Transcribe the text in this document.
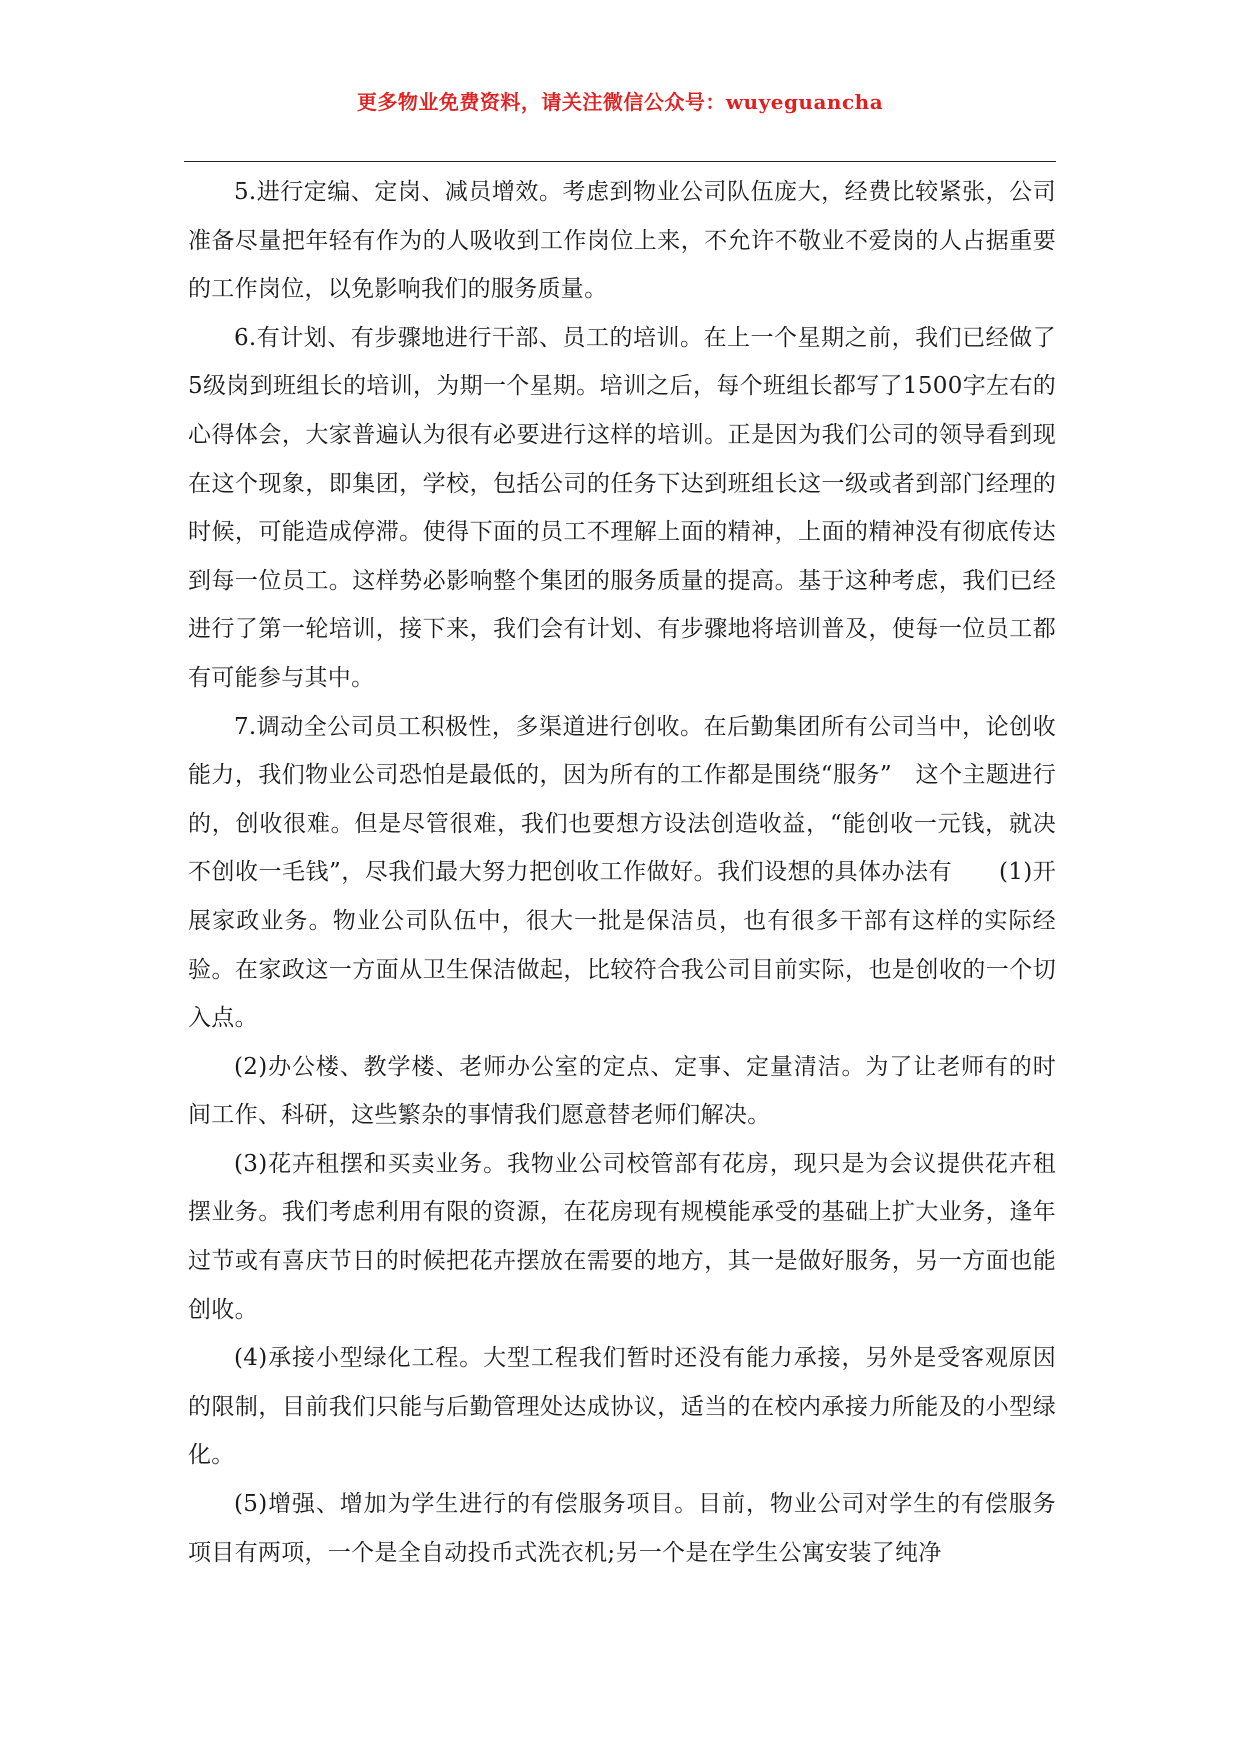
更多物业免费资料，请关注微信公众号：wuyeguancha

5.进行定编、定岗、减员增效。考虑到物业公司队伍庞大，经费比较紧张，公司准备尽量把年轻有作为的人吸收到工作岗位上来，不允许不敬业不爱岗的人占据重要的工作岗位，以免影响我们的服务质量。

6.有计划、有步骤地进行干部、员工的培训。在上一个星期之前，我们已经做了5级岗到班组长的培训，为期一个星期。培训之后，每个班组长都写了1500字左右的心得体会，大家普遍认为很有必要进行这样的培训。正是因为我们公司的领导看到现在这个现象，即集团，学校，包括公司的任务下达到班组长这一级或者到部门经理的时候，可能造成停滞。使得下面的员工不理解上面的精神，上面的精神没有彻底传达到每一位员工。这样势必影响整个集团的服务质量的提高。基于这种考虑，我们已经进行了第一轮培训，接下来，我们会有计划、有步骤地将培训普及，使每一位员工都有可能参与其中。

7.调动全公司员工积极性，多渠道进行创收。在后勤集团所有公司当中，论创收能力，我们物业公司恐怕是最低的，因为所有的工作都是围绕“服务”　这个主题进行的，创收很难。但是尽管很难，我们也要想方设法创造收益，“能创收一元钱，就决不创收一毛钱”，尽我们最大努力把创收工作做好。我们设想的具体办法有　　(1)开展家政业务。物业公司队伍中，很大一批是保洁员，也有很多干部有这样的实际经验。在家政这一方面从卫生保洁做起，比较符合我公司目前实际，也是创收的一个切入点。

(2)办公楼、教学楼、老师办公室的定点、定事、定量清洁。为了让老师有的时间工作、科研，这些繁杂的事情我们愿意替老师们解决。

(3)花卉租摆和买卖业务。我物业公司校管部有花房，现只是为会议提供花卉租摆业务。我们考虑利用有限的资源，在花房现有规模能承受的基础上扩大业务，逢年过节或有喜庆节日的时候把花卉摆放在需要的地方，其一是做好服务，另一方面也能创收。

(4)承接小型绿化工程。大型工程我们暂时还没有能力承接，另外是受客观原因的限制，目前我们只能与后勤管理处达成协议，适当的在校内承接力所能及的小型绿化。

(5)增强、增加为学生进行的有偿服务项目。目前，物业公司对学生的有偿服务项目有两项，一个是全自动投币式洗衣机;另一个是在学生公寓安装了纯净
